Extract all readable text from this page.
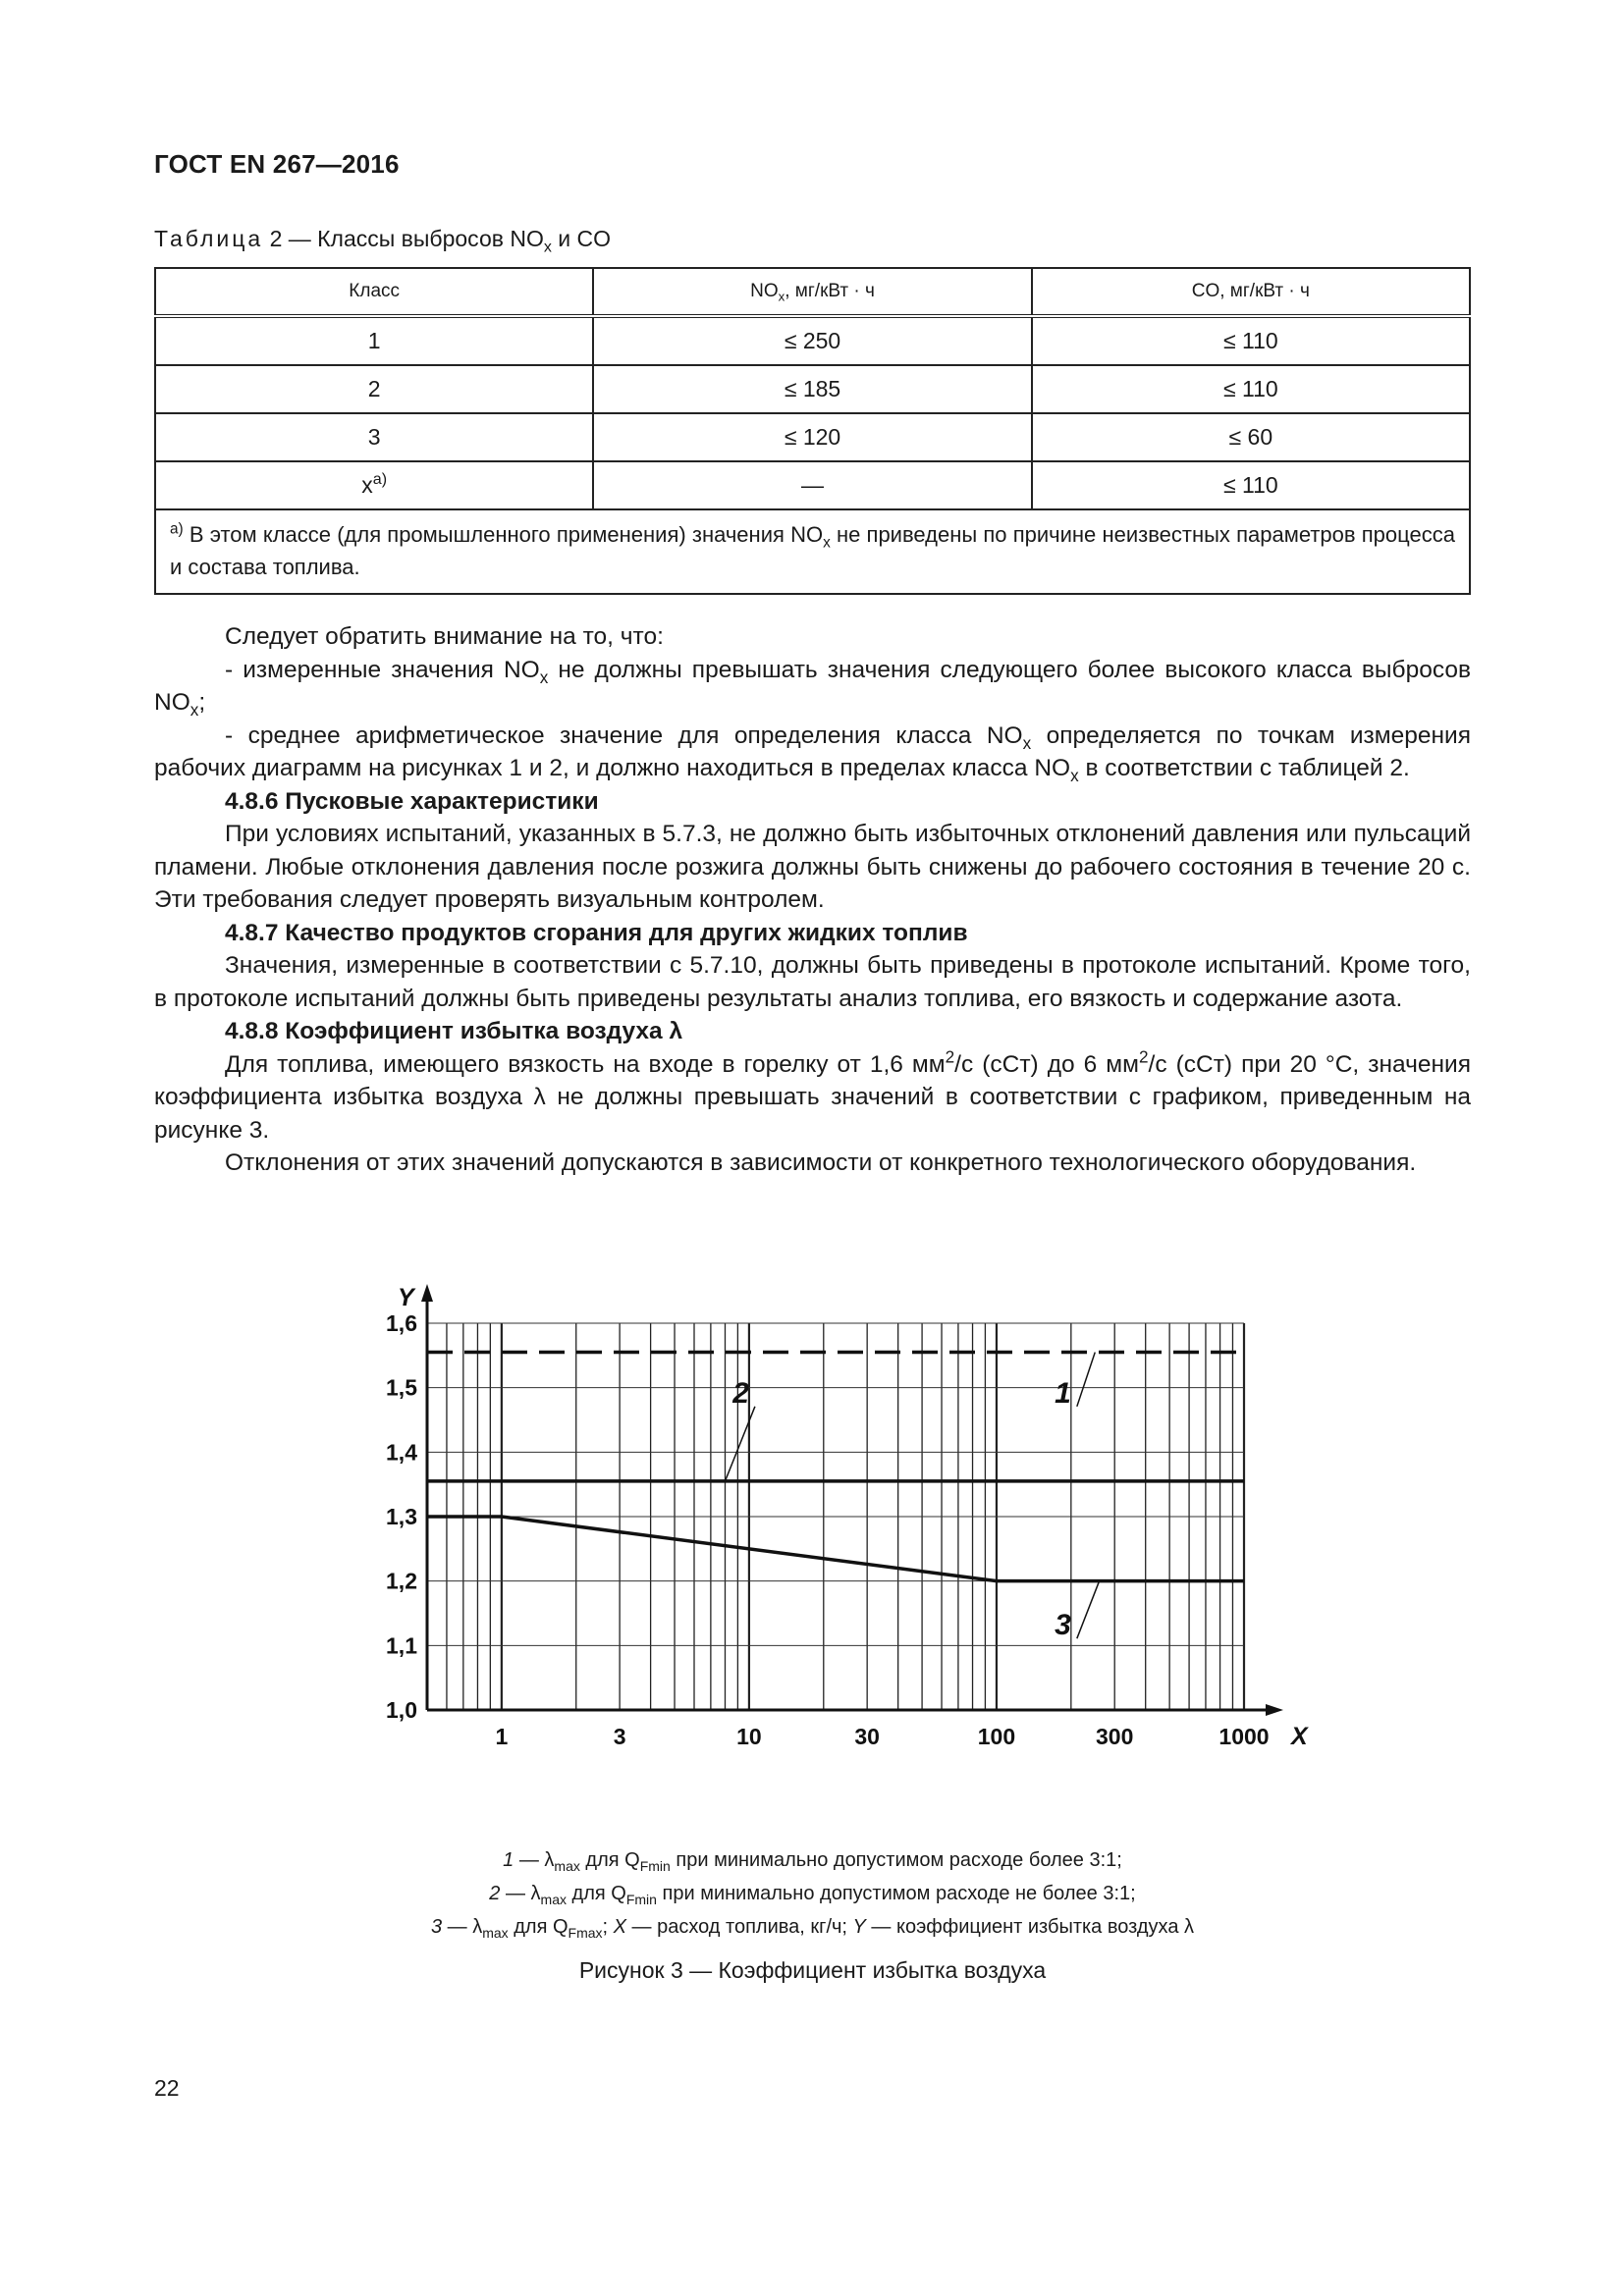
ГОСТ EN 267—2016
Таблица 2 — Классы выбросов $NO_x$ и CO
Класс	$NO_x$, мг/кВт · ч	CO, мг/кВт · ч
1	≤ 250	≤ 110
2	≤ 185	≤ 110
3	≤ 120	≤ 60
$x^{а)}$	—	≤ 110
$^{а)}$ В этом классе (для промышленного применения) значения $NO_x$ не приведены по причине неизвестных параметров процесса и состава топлива.		
Следует обратить внимание на то, что:
- измеренные значения $NO_x$ не должны превышать значения следующего более высокого класса выбросов $NO_x$;
- среднее арифметическое значение для определения класса $NO_x$ определяется по точкам измерения рабочих диаграмм на рисунках 1 и 2, и должно находиться в пределах класса $NO_x$ в соответствии с таблицей 2.
4.8.6 Пусковые характеристики
При условиях испытаний, указанных в 5.7.3, не должно быть избыточных отклонений давления или пульсаций пламени. Любые отклонения давления после розжига должны быть снижены до рабочего состояния в течение 20 с. Эти требования следует проверять визуальным контролем.
4.8.7 Качество продуктов сгорания для других жидких топлив
Значения, измеренные в соответствии с 5.7.10, должны быть приведены в протоколе испытаний. Кроме того, в протоколе испытаний должны быть приведены результаты анализ топлива, его вязкость и содержание азота.
4.8.8 Коэффициент избытка воздуха λ
Для топлива, имеющего вязкость на входе в горелку от 1,6 $мм^2/с$ (сСт) до 6 $мм^2/с$ (сСт) при 20 °С, значения коэффициента избытка воздуха λ не должны превышать значений в соответствии с графиком, приведенным на рисунке 3.
Отклонения от этих значений допускаются в зависимости от конкретного технологического оборудования.
1,0
1,1
1,2
1,3
1,4
1,5
1,6
1	3	10	30	100	300	1000 X
Y
1
2
3
1 — $\lambda_{max}$ для $Q_{Fmin}$ при минимально допустимом расходе более 3:1;
2 — $\lambda_{max}$ для $Q_{Fmin}$ при минимально допустимом расходе не более 3:1;
3 — $\lambda_{max}$ для $Q_{Fmax}$; X — расход топлива, кг/ч; Y — коэффициент избытка воздуха λ
Рисунок 3 — Коэффициент избытка воздуха
22
